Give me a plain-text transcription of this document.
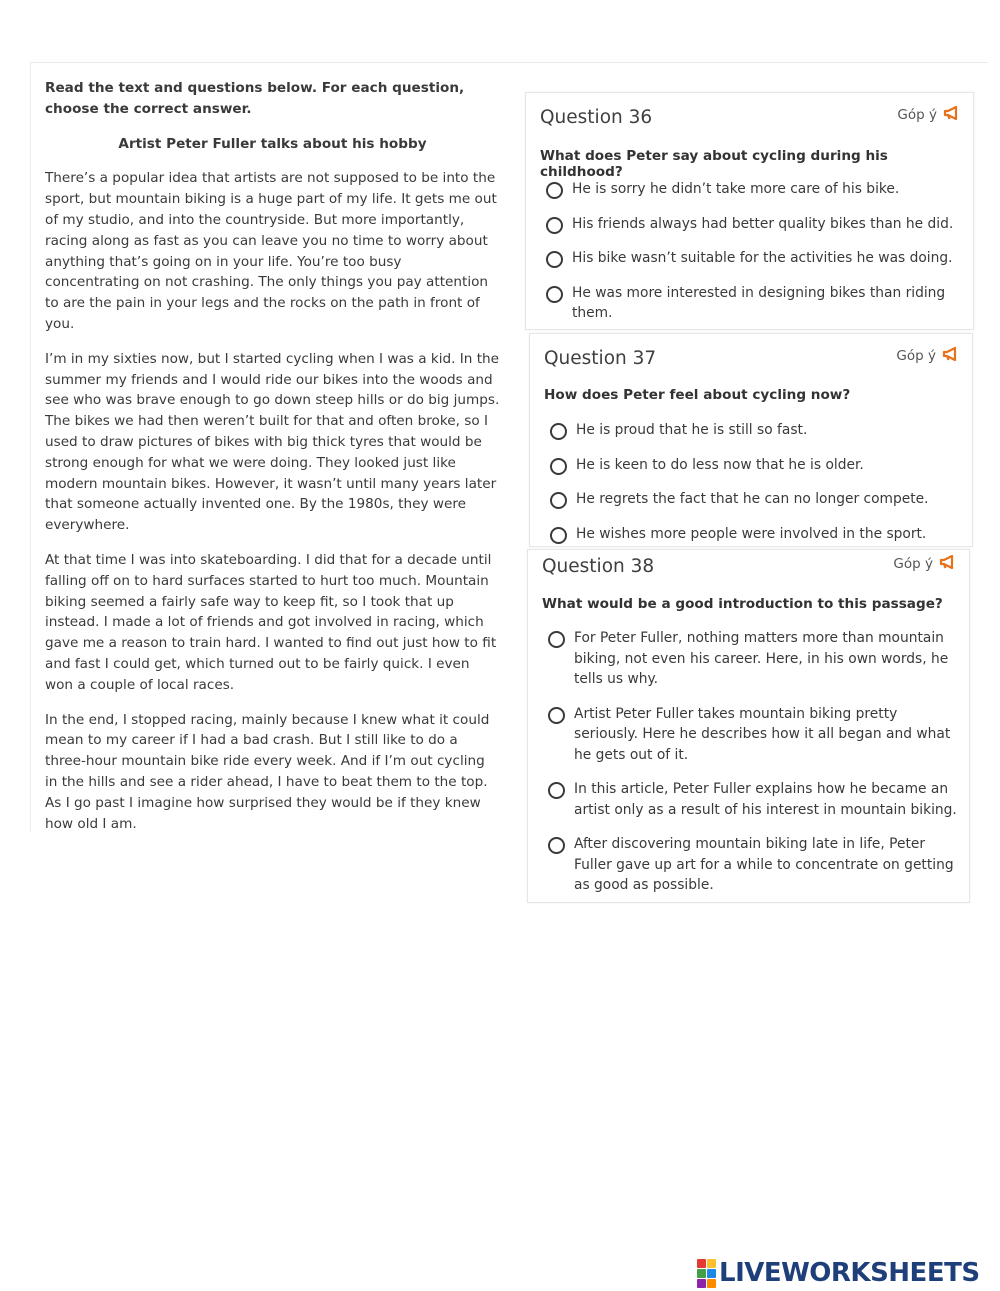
Read the text and questions below. For each question, choose the correct answer.

Artist Peter Fuller talks about his hobby

There’s a popular idea that artists are not supposed to be into the sport, but mountain biking is a huge part of my life. It gets me out of my studio, and into the countryside. But more importantly, racing along as fast as you can leave you no time to worry about anything that’s going on in your life. You’re too busy concentrating on not crashing. The only things you pay attention to are the pain in your legs and the rocks on the path in front of you.

I’m in my sixties now, but I started cycling when I was a kid. In the summer my friends and I would ride our bikes into the woods and see who was brave enough to go down steep hills or do big jumps. The bikes we had then weren’t built for that and often broke, so I used to draw pictures of bikes with big thick tyres that would be strong enough for what we were doing. They looked just like modern mountain bikes. However, it wasn’t until many years later that someone actually invented one. By the 1980s, they were everywhere.

At that time I was into skateboarding. I did that for a decade until falling off on to hard surfaces started to hurt too much. Mountain biking seemed a fairly safe way to keep fit, so I took that up instead. I made a lot of friends and got involved in racing, which gave me a reason to train hard. I wanted to find out just how to fit and fast I could get, which turned out to be fairly quick. I even won a couple of local races.

In the end, I stopped racing, mainly because I knew what it could mean to my career if I had a bad crash. But I still like to do a three-hour mountain bike ride every week. And if I’m out cycling in the hills and see a rider ahead, I have to beat them to the top. As I go past I imagine how surprised they would be if they knew how old I am.

Question 36	Góp ý
What does Peter say about cycling during his childhood?
He is sorry he didn’t take more care of his bike.
His friends always had better quality bikes than he did.
His bike wasn’t suitable for the activities he was doing.
He was more interested in designing bikes than riding them.
Question 37	Góp ý
How does Peter feel about cycling now?
He is proud that he is still so fast.
He is keen to do less now that he is older.
He regrets the fact that he can no longer compete.
He wishes more people were involved in the sport.
Question 38	Góp ý
What would be a good introduction to this passage?
For Peter Fuller, nothing matters more than mountain biking, not even his career. Here, in his own words, he tells us why.
Artist Peter Fuller takes mountain biking pretty seriously. Here he describes how it all began and what he gets out of it.
In this article, Peter Fuller explains how he became an artist only as a result of his interest in mountain biking.
After discovering mountain biking late in life, Peter Fuller gave up art for a while to concentrate on getting as good as possible.
LIVEWORKSHEETS
